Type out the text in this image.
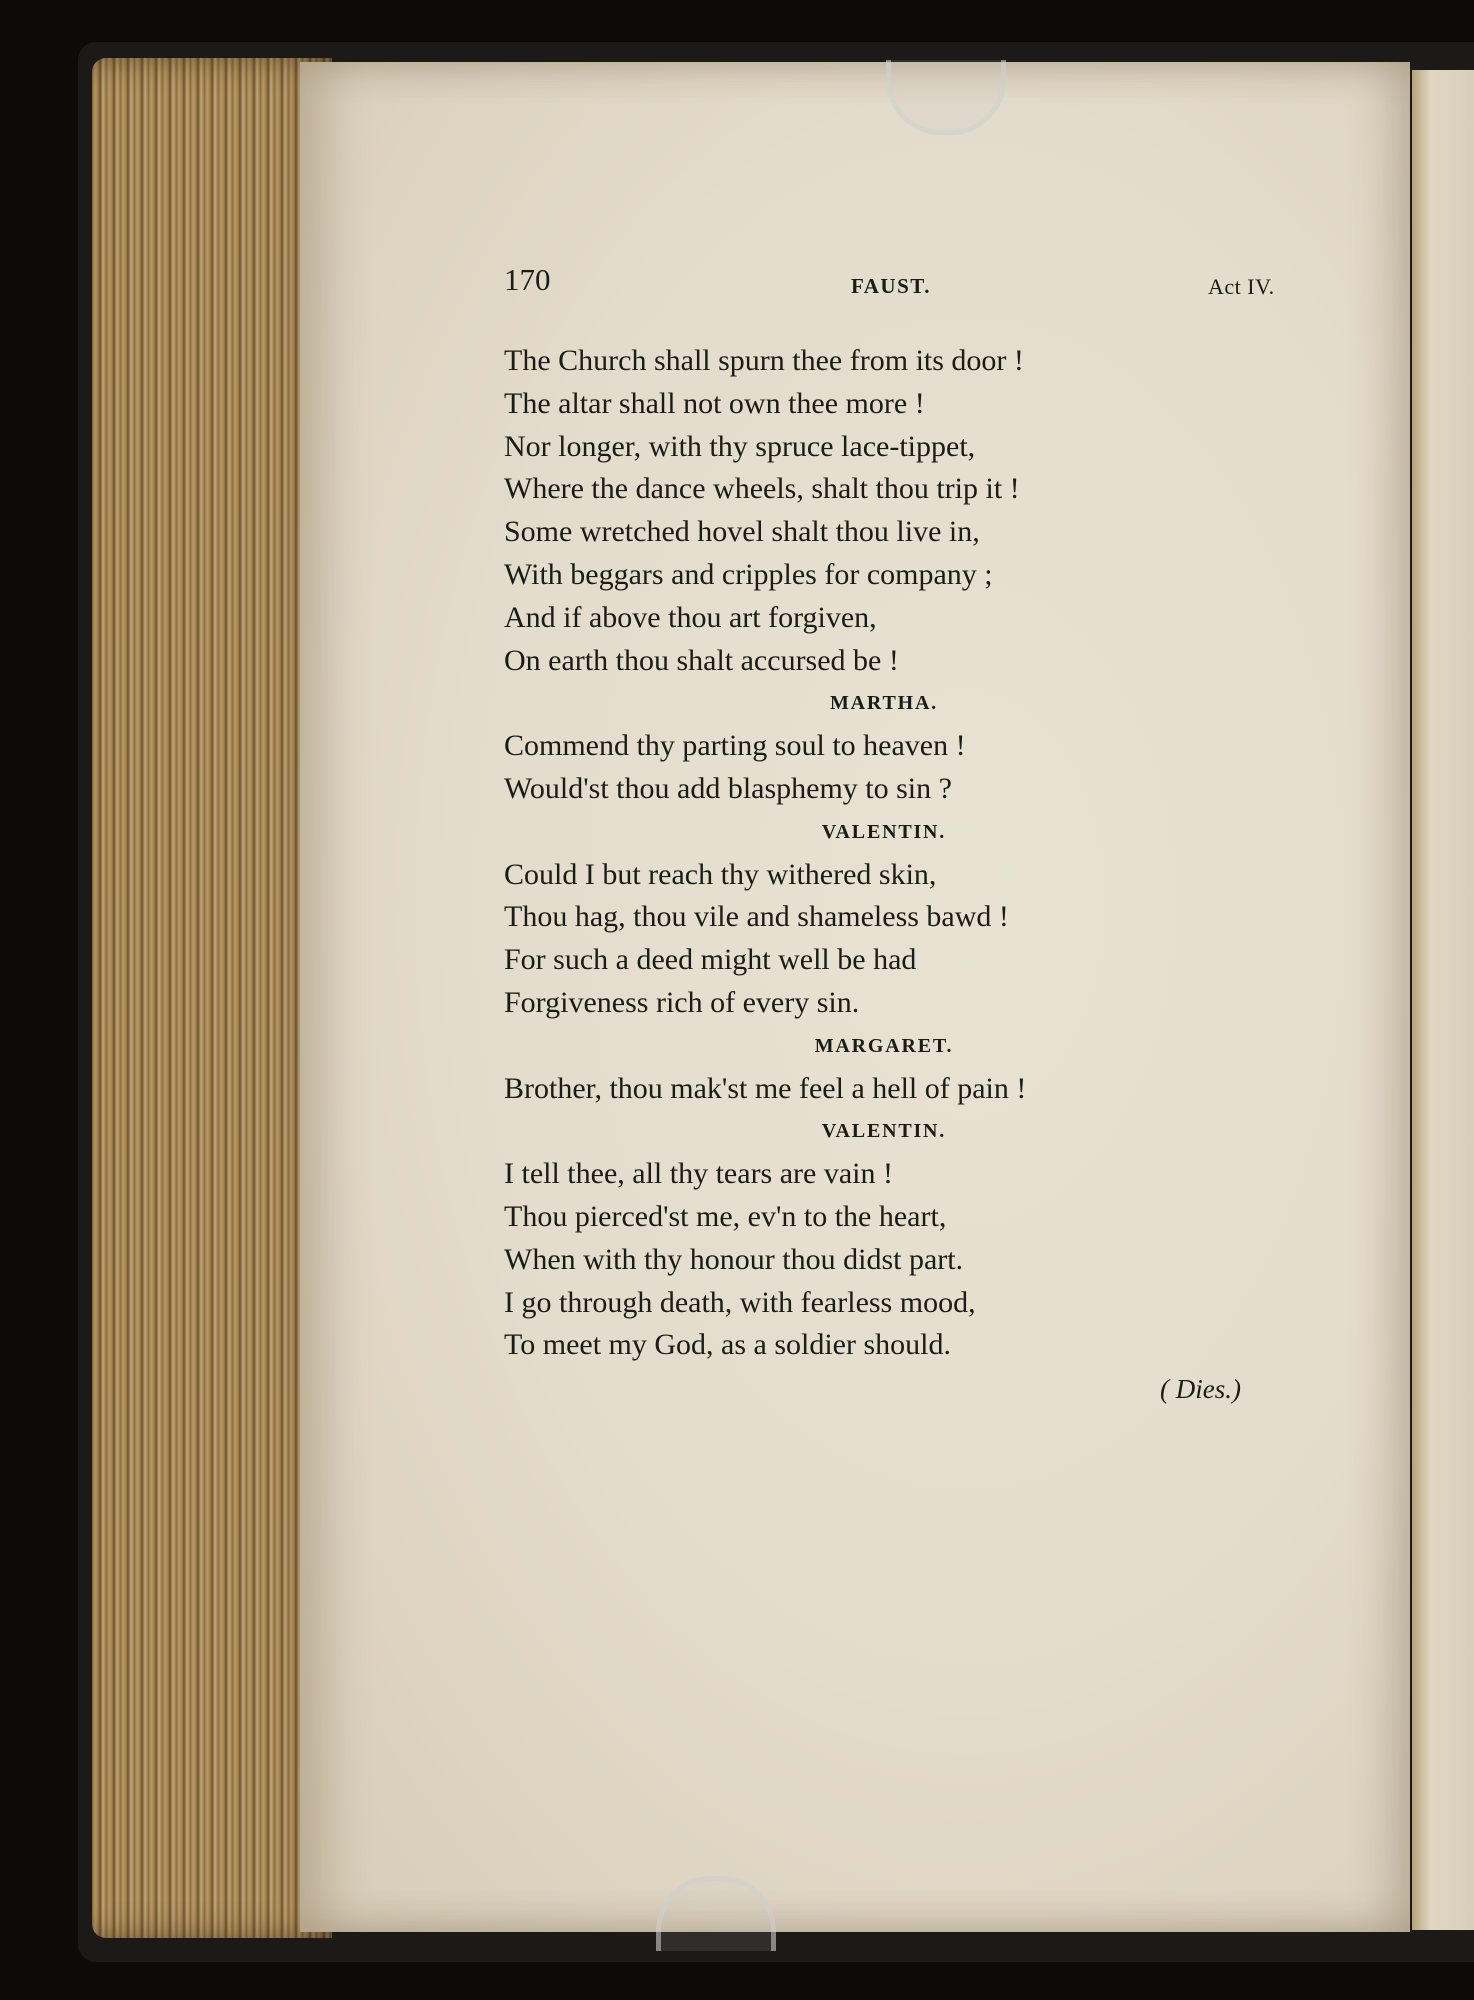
170	FAUST.	Act IV.
The Church shall spurn thee from its door !
The altar shall not own thee more !
Nor longer, with thy spruce lace-tippet,
Where the dance wheels, shalt thou trip it !
Some wretched hovel shalt thou live in,
With beggars and cripples for company ;
And if above thou art forgiven,
On earth thou shalt accursed be !
MARTHA.
Commend thy parting soul to heaven !
Would'st thou add blasphemy to sin ?
VALENTIN.
Could I but reach thy withered skin,
Thou hag, thou vile and shameless bawd !
For such a deed might well be had
Forgiveness rich of every sin.
MARGARET.
Brother, thou mak'st me feel a hell of pain !
VALENTIN.
I tell thee, all thy tears are vain !
Thou pierced'st me, ev'n to the heart,
When with thy honour thou didst part.
I go through death, with fearless mood,
To meet my God, as a soldier should.
( Dies.)
